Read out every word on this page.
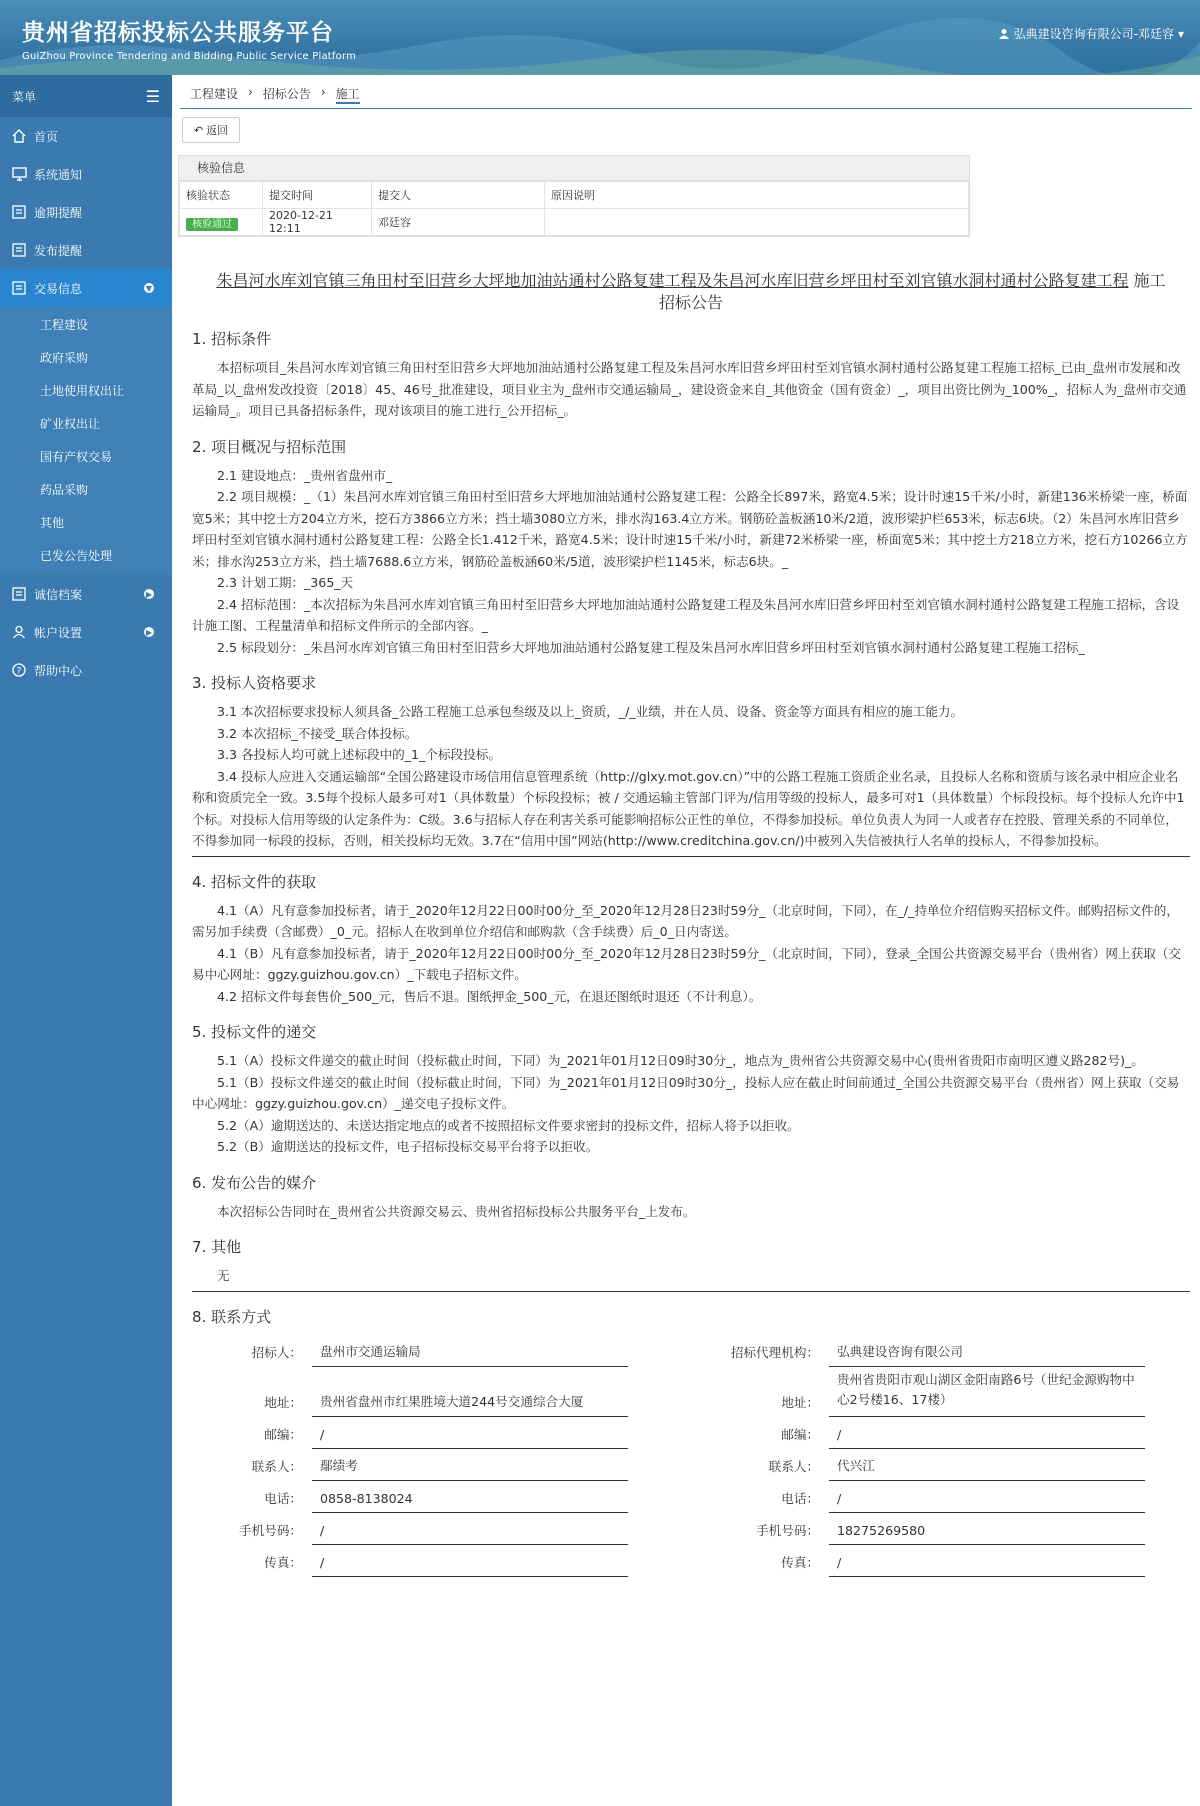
贵州省招标投标公共服务平台
GuiZhou Province Tendering and Bidding Public Service Platform
弘典建设咨询有限公司-邓廷容 ▾
菜单	☰
首页
系统通知
逾期提醒
发布提醒
交易信息	▼
工程建设
政府采购
土地使用权出让
矿业权出让
国有产权交易
药品采购
其他
已发公告处理
诚信档案	▶
帐户设置	▶
? 帮助中心
工程建设 › 招标公告 › 施工
↶ 返回
核验信息
核验状态	提交时间	提交人	原因说明
核验通过	2020-12-21 12:11	邓廷容	
朱昌河水库刘官镇三角田村至旧营乡大坪地加油站通村公路复建工程及朱昌河水库旧营乡坪田村至刘官镇水洞村通村公路复建工程 施工
招标公告
1. 招标条件

本招标项目_朱昌河水库刘官镇三角田村至旧营乡大坪地加油站通村公路复建工程及朱昌河水库旧营乡坪田村至刘官镇水洞村通村公路复建工程施工招标_已由_盘州市发展和改革局_以_盘州发改投资〔2018〕45、46号_批准建设，项目业主为_盘州市交通运输局_，建设资金来自_其他资金（国有资金）_，项目出资比例为_100%_，招标人为_盘州市交通运输局_。项目已具备招标条件，现对该项目的施工进行_公开招标_。

2. 项目概况与招标范围

2.1 建设地点：_贵州省盘州市_

2.2 项目规模：_（1）朱昌河水库刘官镇三角田村至旧营乡大坪地加油站通村公路复建工程：公路全长897米，路宽4.5米；设计时速15千米/小时，新建136米桥梁一座，桥面宽5米；其中挖土方204立方米，挖石方3866立方米；挡土墙3080立方米，排水沟163.4立方米。钢筋砼盖板涵10米/2道，波形梁护栏653米，标志6块。（2）朱昌河水库旧营乡坪田村至刘官镇水洞村通村公路复建工程：公路全长1.412千米，路宽4.5米；设计时速15千米/小时，新建72米桥梁一座，桥面宽5米；其中挖土方218立方米，挖石方10266立方米；排水沟253立方米，挡土墙7688.6立方米，钢筋砼盖板涵60米/5道，波形梁护栏1145米，标志6块。_

2.3 计划工期：_365_天

2.4 招标范围：_本次招标为朱昌河水库刘官镇三角田村至旧营乡大坪地加油站通村公路复建工程及朱昌河水库旧营乡坪田村至刘官镇水洞村通村公路复建工程施工招标，含设计施工图、工程量清单和招标文件所示的全部内容。_

2.5 标段划分：_朱昌河水库刘官镇三角田村至旧营乡大坪地加油站通村公路复建工程及朱昌河水库旧营乡坪田村至刘官镇水洞村通村公路复建工程施工招标_

3. 投标人资格要求

3.1 本次招标要求投标人须具备_公路工程施工总承包叁级及以上_资质，_/_业绩，并在人员、设备、资金等方面具有相应的施工能力。

3.2 本次招标_不接受_联合体投标。

3.3 各投标人均可就上述标段中的_1_个标段投标。

3.4 投标人应进入交通运输部“全国公路建设市场信用信息管理系统（http://glxy.mot.gov.cn）”中的公路工程施工资质企业名录，且投标人名称和资质与该名录中相应企业名称和资质完全一致。3.5每个投标人最多可对1（具体数量）个标段投标；被 / 交通运输主管部门评为/信用等级的投标人，最多可对1（具体数量）个标段投标。每个投标人允许中1个标。对投标人信用等级的认定条件为：C级。3.6与招标人存在利害关系可能影响招标公正性的单位，不得参加投标。单位负责人为同一人或者存在控股、管理关系的不同单位，不得参加同一标段的投标，否则，相关投标均无效。3.7在“信用中国”网站(http://www.creditchina.gov.cn/)中被列入失信被执行人名单的投标人，不得参加投标。

4. 招标文件的获取

4.1（A）凡有意参加投标者，请于_2020年12月22日00时00分_至_2020年12月28日23时59分_（北京时间，下同），在_/_持单位介绍信购买招标文件。邮购招标文件的，需另加手续费（含邮费）_0_元。招标人在收到单位介绍信和邮购款（含手续费）后_0_日内寄送。

4.1（B）凡有意参加投标者，请于_2020年12月22日00时00分_至_2020年12月28日23时59分_（北京时间，下同），登录_全国公共资源交易平台（贵州省）网上获取（交易中心网址：ggzy.guizhou.gov.cn）_下载电子招标文件。

4.2 招标文件每套售价_500_元，售后不退。图纸押金_500_元，在退还图纸时退还（不计利息）。

5. 投标文件的递交

5.1（A）投标文件递交的截止时间（投标截止时间，下同）为_2021年01月12日09时30分_，地点为_贵州省公共资源交易中心(贵州省贵阳市南明区遵义路282号)_。

5.1（B）投标文件递交的截止时间（投标截止时间，下同）为_2021年01月12日09时30分_，投标人应在截止时间前通过_全国公共资源交易平台（贵州省）网上获取（交易中心网址：ggzy.guizhou.gov.cn）_递交电子投标文件。

5.2（A）逾期送达的、未送达指定地点的或者不按照招标文件要求密封的投标文件，招标人将予以拒收。

5.2（B）逾期送达的投标文件，电子招标投标交易平台将予以拒收。

6. 发布公告的媒介

本次招标公告同时在_贵州省公共资源交易云、贵州省招标投标公共服务平台_上发布。

7. 其他

无

8. 联系方式
招标人：	盘州市交通运输局
地址：	贵州省盘州市红果胜境大道244号交通综合大厦
邮编：	/
联系人：	鄢绩考
电话：	0858-8138024
手机号码：	/
传真：	/
招标代理机构：	弘典建设咨询有限公司
地址：
贵州省贵阳市观山湖区金阳南路6号（世纪金源购物中心2号楼16、17楼）
邮编：	/
联系人：	代兴江
电话：	/
手机号码：	18275269580
传真：	/
